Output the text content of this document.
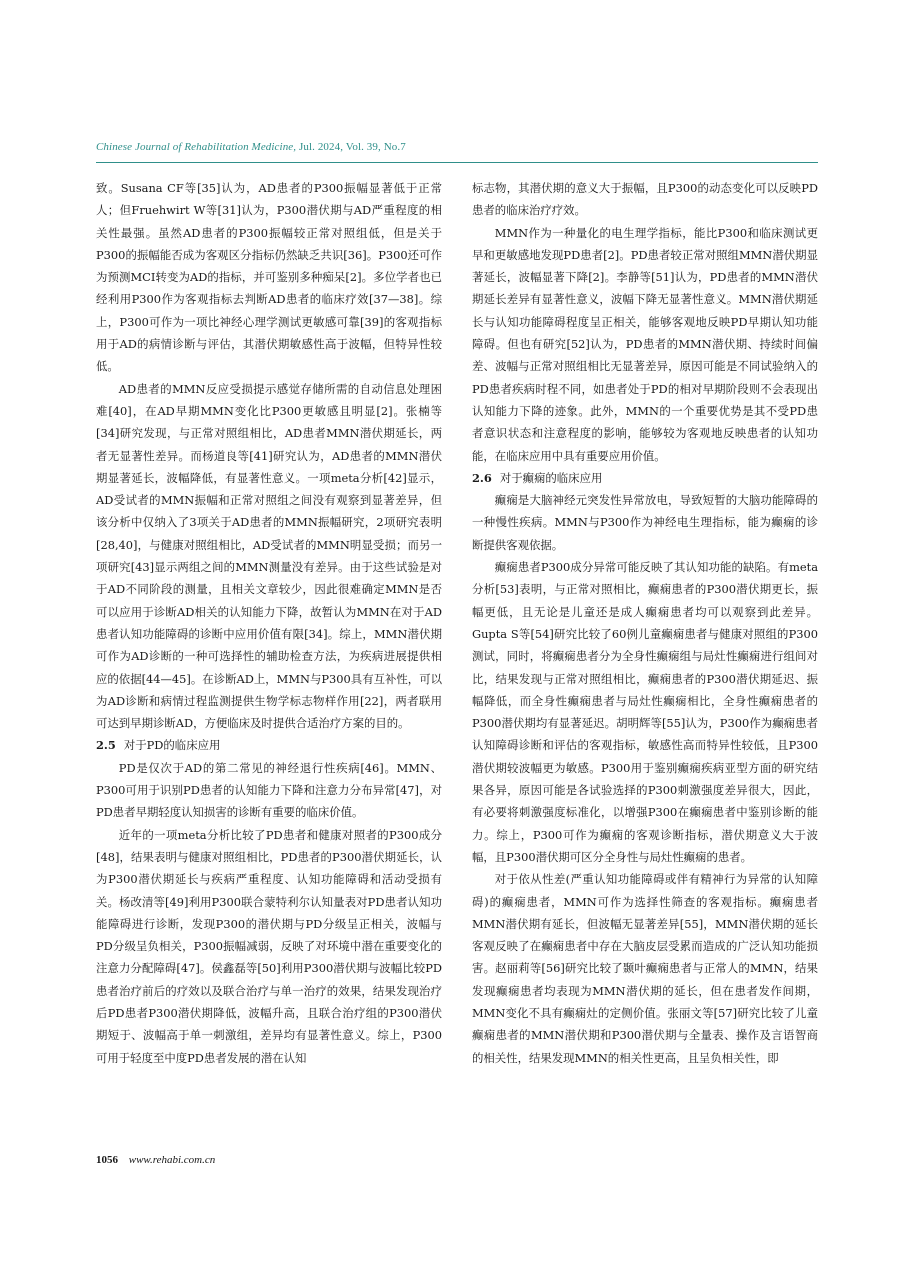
Chinese Journal of Rehabilitation Medicine, Jul. 2024, Vol. 39, No.7

致。Susana CF等[35]认为，AD患者的P300振幅显著低于正常人；但Fruehwirt W等[31]认为，P300潜伏期与AD严重程度的相关性最强。虽然AD患者的P300振幅较正常对照组低，但是关于P300的振幅能否成为客观区分指标仍然缺乏共识[36]。P300还可作为预测MCI转变为AD的指标，并可鉴别多种痴呆[2]。多位学者也已经利用P300作为客观指标去判断AD患者的临床疗效[37—38]。综上，P300可作为一项比神经心理学测试更敏感可靠[39]的客观指标用于AD的病情诊断与评估，其潜伏期敏感性高于波幅，但特异性较低。

AD患者的MMN反应受损提示感觉存储所需的自动信息处理困难[40]，在AD早期MMN变化比P300更敏感且明显[2]。张楠等[34]研究发现，与正常对照组相比，AD患者MMN潜伏期延长，两者无显著性差异。而杨道良等[41]研究认为，AD患者的MMN潜伏期显著延长，波幅降低，有显著性意义。一项meta分析[42]显示，AD受试者的MMN振幅和正常对照组之间没有观察到显著差异，但该分析中仅纳入了3项关于AD患者的MMN振幅研究，2项研究表明[28,40]，与健康对照组相比，AD受试者的MMN明显受损；而另一项研究[43]显示两组之间的MMN测量没有差异。由于这些试验是对于AD不同阶段的测量，且相关文章较少，因此很难确定MMN是否可以应用于诊断AD相关的认知能力下降，故暂认为MMN在对于AD患者认知功能障碍的诊断中应用价值有限[34]。综上，MMN潜伏期可作为AD诊断的一种可选择性的辅助检查方法，为疾病进展提供相应的依据[44—45]。在诊断AD上，MMN与P300具有互补性，可以为AD诊断和病情过程监测提供生物学标志物样作用[22]，两者联用可达到早期诊断AD，方便临床及时提供合适治疗方案的目的。

2.5 对于PD的临床应用

PD是仅次于AD的第二常见的神经退行性疾病[46]。MMN、P300可用于识别PD患者的认知能力下降和注意力分布异常[47]，对PD患者早期轻度认知损害的诊断有重要的临床价值。

近年的一项meta分析比较了PD患者和健康对照者的P300成分[48]，结果表明与健康对照组相比，PD患者的P300潜伏期延长，认为P300潜伏期延长与疾病严重程度、认知功能障碍和活动受损有关。杨改清等[49]利用P300联合蒙特利尔认知量表对PD患者认知功能障碍进行诊断，发现P300的潜伏期与PD分级呈正相关，波幅与PD分级呈负相关，P300振幅减弱，反映了对环境中潜在重要变化的注意力分配障碍[47]。侯鑫磊等[50]利用P300潜伏期与波幅比较PD患者治疗前后的疗效以及联合治疗与单一治疗的效果，结果发现治疗后PD患者P300潜伏期降低，波幅升高，且联合治疗组的P300潜伏期短于、波幅高于单一刺激组，差异均有显著性意义。综上，P300可用于轻度至中度PD患者发展的潜在认知

标志物，其潜伏期的意义大于振幅，且P300的动态变化可以反映PD患者的临床治疗疗效。

MMN作为一种量化的电生理学指标，能比P300和临床测试更早和更敏感地发现PD患者[2]。PD患者较正常对照组MMN潜伏期显著延长，波幅显著下降[2]。李静等[51]认为，PD患者的MMN潜伏期延长差异有显著性意义，波幅下降无显著性意义。MMN潜伏期延长与认知功能障碍程度呈正相关，能够客观地反映PD早期认知功能障碍。但也有研究[52]认为，PD患者的MMN潜伏期、持续时间偏差、波幅与正常对照组相比无显著差异，原因可能是不同试验纳入的PD患者疾病时程不同，如患者处于PD的相对早期阶段则不会表现出认知能力下降的迹象。此外，MMN的一个重要优势是其不受PD患者意识状态和注意程度的影响，能够较为客观地反映患者的认知功能，在临床应用中具有重要应用价值。

2.6 对于癫痫的临床应用

癫痫是大脑神经元突发性异常放电，导致短暂的大脑功能障碍的一种慢性疾病。MMN与P300作为神经电生理指标，能为癫痫的诊断提供客观依据。

癫痫患者P300成分异常可能反映了其认知功能的缺陷。有meta分析[53]表明，与正常对照相比，癫痫患者的P300潜伏期更长，振幅更低，且无论是儿童还是成人癫痫患者均可以观察到此差异。Gupta S等[54]研究比较了60例儿童癫痫患者与健康对照组的P300测试，同时，将癫痫患者分为全身性癫痫组与局灶性癫痫进行组间对比，结果发现与正常对照组相比，癫痫患者的P300潜伏期延迟、振幅降低，而全身性癫痫患者与局灶性癫痫相比，全身性癫痫患者的P300潜伏期均有显著延迟。胡明辉等[55]认为，P300作为癫痫患者认知障碍诊断和评估的客观指标，敏感性高而特异性较低，且P300潜伏期较波幅更为敏感。P300用于鉴别癫痫疾病亚型方面的研究结果各异，原因可能是各试验选择的P300刺激强度差异很大，因此，有必要将刺激强度标准化，以增强P300在癫痫患者中鉴别诊断的能力。综上，P300可作为癫痫的客观诊断指标，潜伏期意义大于波幅，且P300潜伏期可区分全身性与局灶性癫痫的患者。

对于依从性差(严重认知功能障碍或伴有精神行为异常的认知障碍)的癫痫患者，MMN可作为选择性筛查的客观指标。癫痫患者MMN潜伏期有延长，但波幅无显著差异[55]，MMN潜伏期的延长客观反映了在癫痫患者中存在大脑皮层受累而造成的广泛认知功能损害。赵丽莉等[56]研究比较了颞叶癫痫患者与正常人的MMN，结果发现癫痫患者均表现为MMN潜伏期的延长，但在患者发作间期，MMN变化不具有癫痫灶的定侧价值。张丽文等[57]研究比较了儿童癫痫患者的MMN潜伏期和P300潜伏期与全量表、操作及言语智商的相关性，结果发现MMN的相关性更高，且呈负相关性，即

1056 www.rehabi.com.cn
